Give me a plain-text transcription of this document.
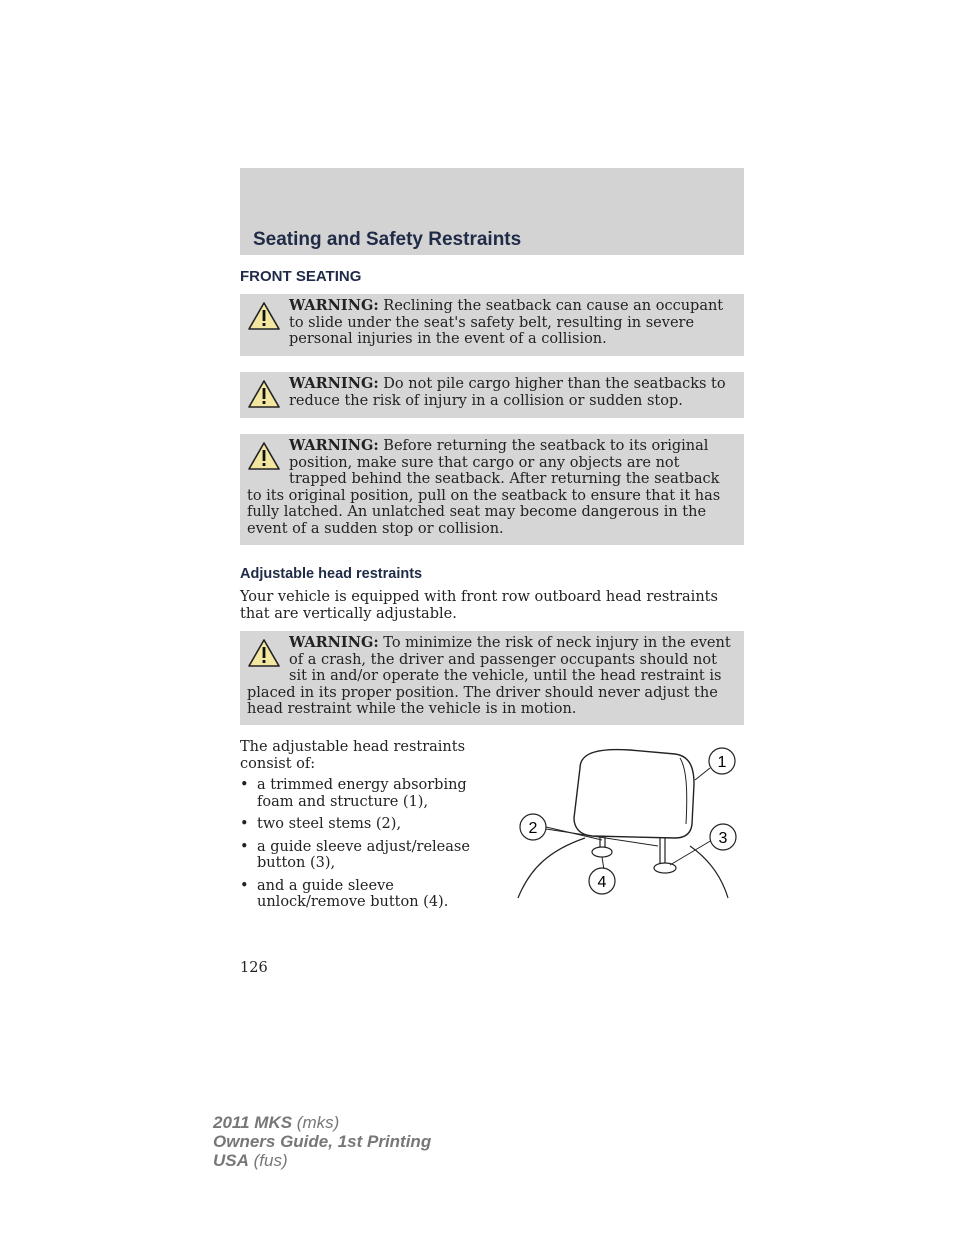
Seating and Safety Restraints
FRONT SEATING
WARNING: Reclining the seatback can cause an occupant to slide under the seat's safety belt, resulting in severe personal injuries in the event of a collision.
WARNING: Do not pile cargo higher than the seatbacks to reduce the risk of injury in a collision or sudden stop.
WARNING: Before returning the seatback to its original position, make sure that cargo or any objects are not trapped behind the seatback. After returning the seatback to its original position, pull on the seatback to ensure that it has fully latched. An unlatched seat may become dangerous in the event of a sudden stop or collision.
Adjustable head restraints
Your vehicle is equipped with front row outboard head restraints that are vertically adjustable.
WARNING: To minimize the risk of neck injury in the event of a crash, the driver and passenger occupants should not sit in and/or operate the vehicle, until the head restraint is placed in its proper position. The driver should never adjust the head restraint while the vehicle is in motion.
The adjustable head restraints consist of:
• a trimmed energy absorbing foam and structure (1),
• two steel stems (2),
• a guide sleeve adjust/release button (3),
• and a guide sleeve unlock/remove button (4).
1
2
3
4
126
2011 MKS (mks)
Owners Guide, 1st Printing
USA (fus)
